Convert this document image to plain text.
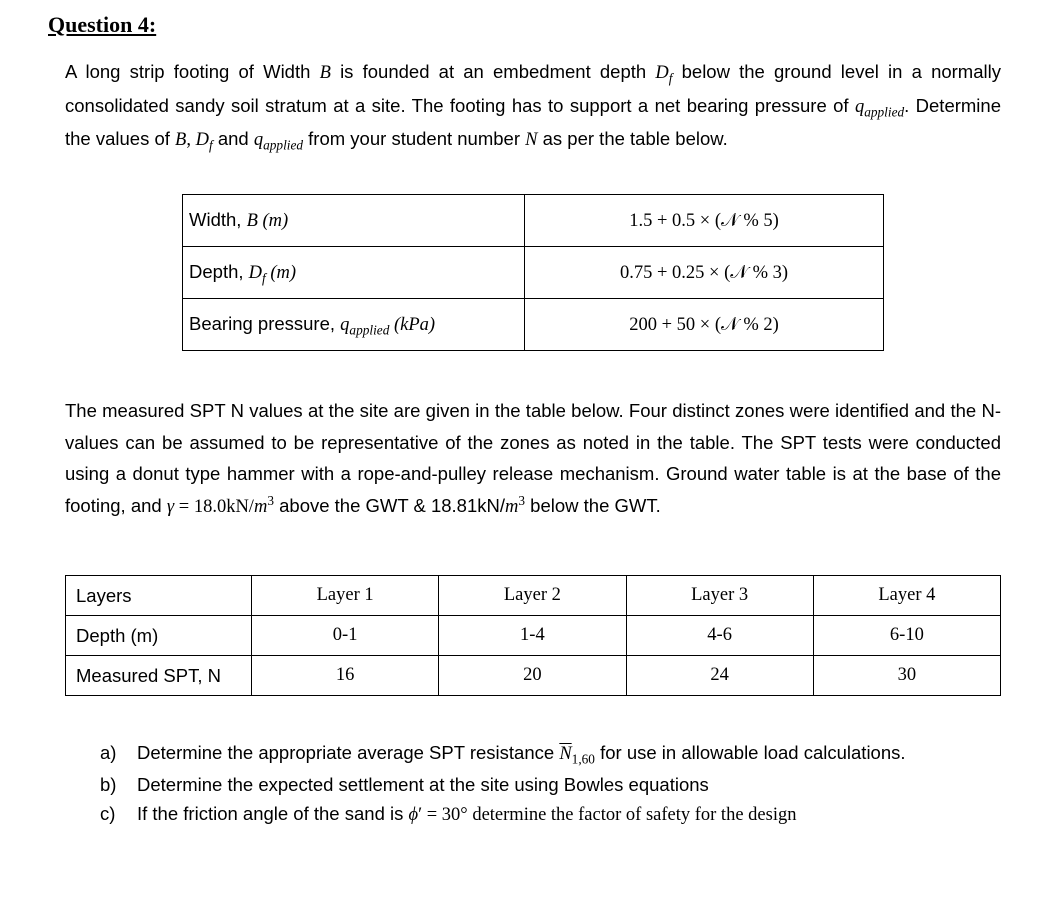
Question 4:
A long strip footing of Width B is founded at an embedment depth $D_f$ below the ground level in a normally consolidated sandy soil stratum at a site. The footing has to support a net bearing pressure of $q_{applied}$. Determine the values of B, $D_f$ and $q_{applied}$ from your student number N as per the table below.
Width, B (m)	1.5 + 0.5 × (𝒩 % 5)
Depth, $D_f$ (m)	0.75 + 0.25 × (𝒩 % 3)
Bearing pressure, $q_{applied}$ (kPa)	200 + 50 × (𝒩 % 2)
The measured SPT N values at the site are given in the table below. Four distinct zones were identified and the N-values can be assumed to be representative of the zones as noted in the table. The SPT tests were conducted using a donut type hammer with a rope-and-pulley release mechanism. Ground water table is at the base of the footing, and $\gamma = 18.0kN/m^3$ above the GWT & $18.81kN/m^3$ below the GWT.
Layers	Layer 1	Layer 2	Layer 3	Layer 4
Depth (m)	0-1	1-4	4-6	6-10
Measured SPT, N	16	20	24	30
a) Determine the appropriate average SPT resistance $\overline{N}_{1,60}$ for use in allowable load calculations.
b) Determine the expected settlement at the site using Bowles equations
c) If the friction angle of the sand is ϕ′ = 30° determine the factor of safety for the design
